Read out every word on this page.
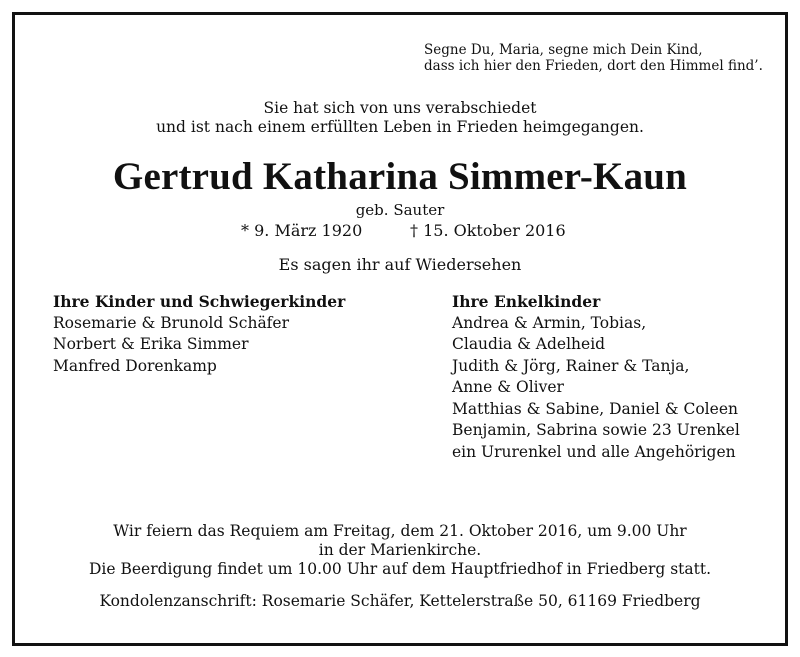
Segne Du, Maria, segne mich Dein Kind,
dass ich hier den Frieden, dort den Himmel find’.
Sie hat sich von uns verabschiedet
und ist nach einem erfüllten Leben in Frieden heimgegangen.
Gertrud Katharina Simmer-Kaun
geb. Sauter
* 9. März 1920	† 15. Oktober 2016
Es sagen ihr auf Wiedersehen
Ihre Kinder und Schwiegerkinder
Rosemarie & Brunold Schäfer
Norbert & Erika Simmer
Manfred Dorenkamp
Ihre Enkelkinder
Andrea & Armin, Tobias,
Claudia & Adelheid
Judith & Jörg, Rainer & Tanja,
Anne & Oliver
Matthias & Sabine, Daniel & Coleen
Benjamin, Sabrina sowie 23 Urenkel
ein Ururenkel und alle Angehörigen
Wir feiern das Requiem am Freitag, dem 21. Oktober 2016, um 9.00 Uhr
in der Marienkirche.
Die Beerdigung findet um 10.00 Uhr auf dem Hauptfriedhof in Friedberg statt.
Kondolenzanschrift: Rosemarie Schäfer, Kettelerstraße 50, 61169 Friedberg
